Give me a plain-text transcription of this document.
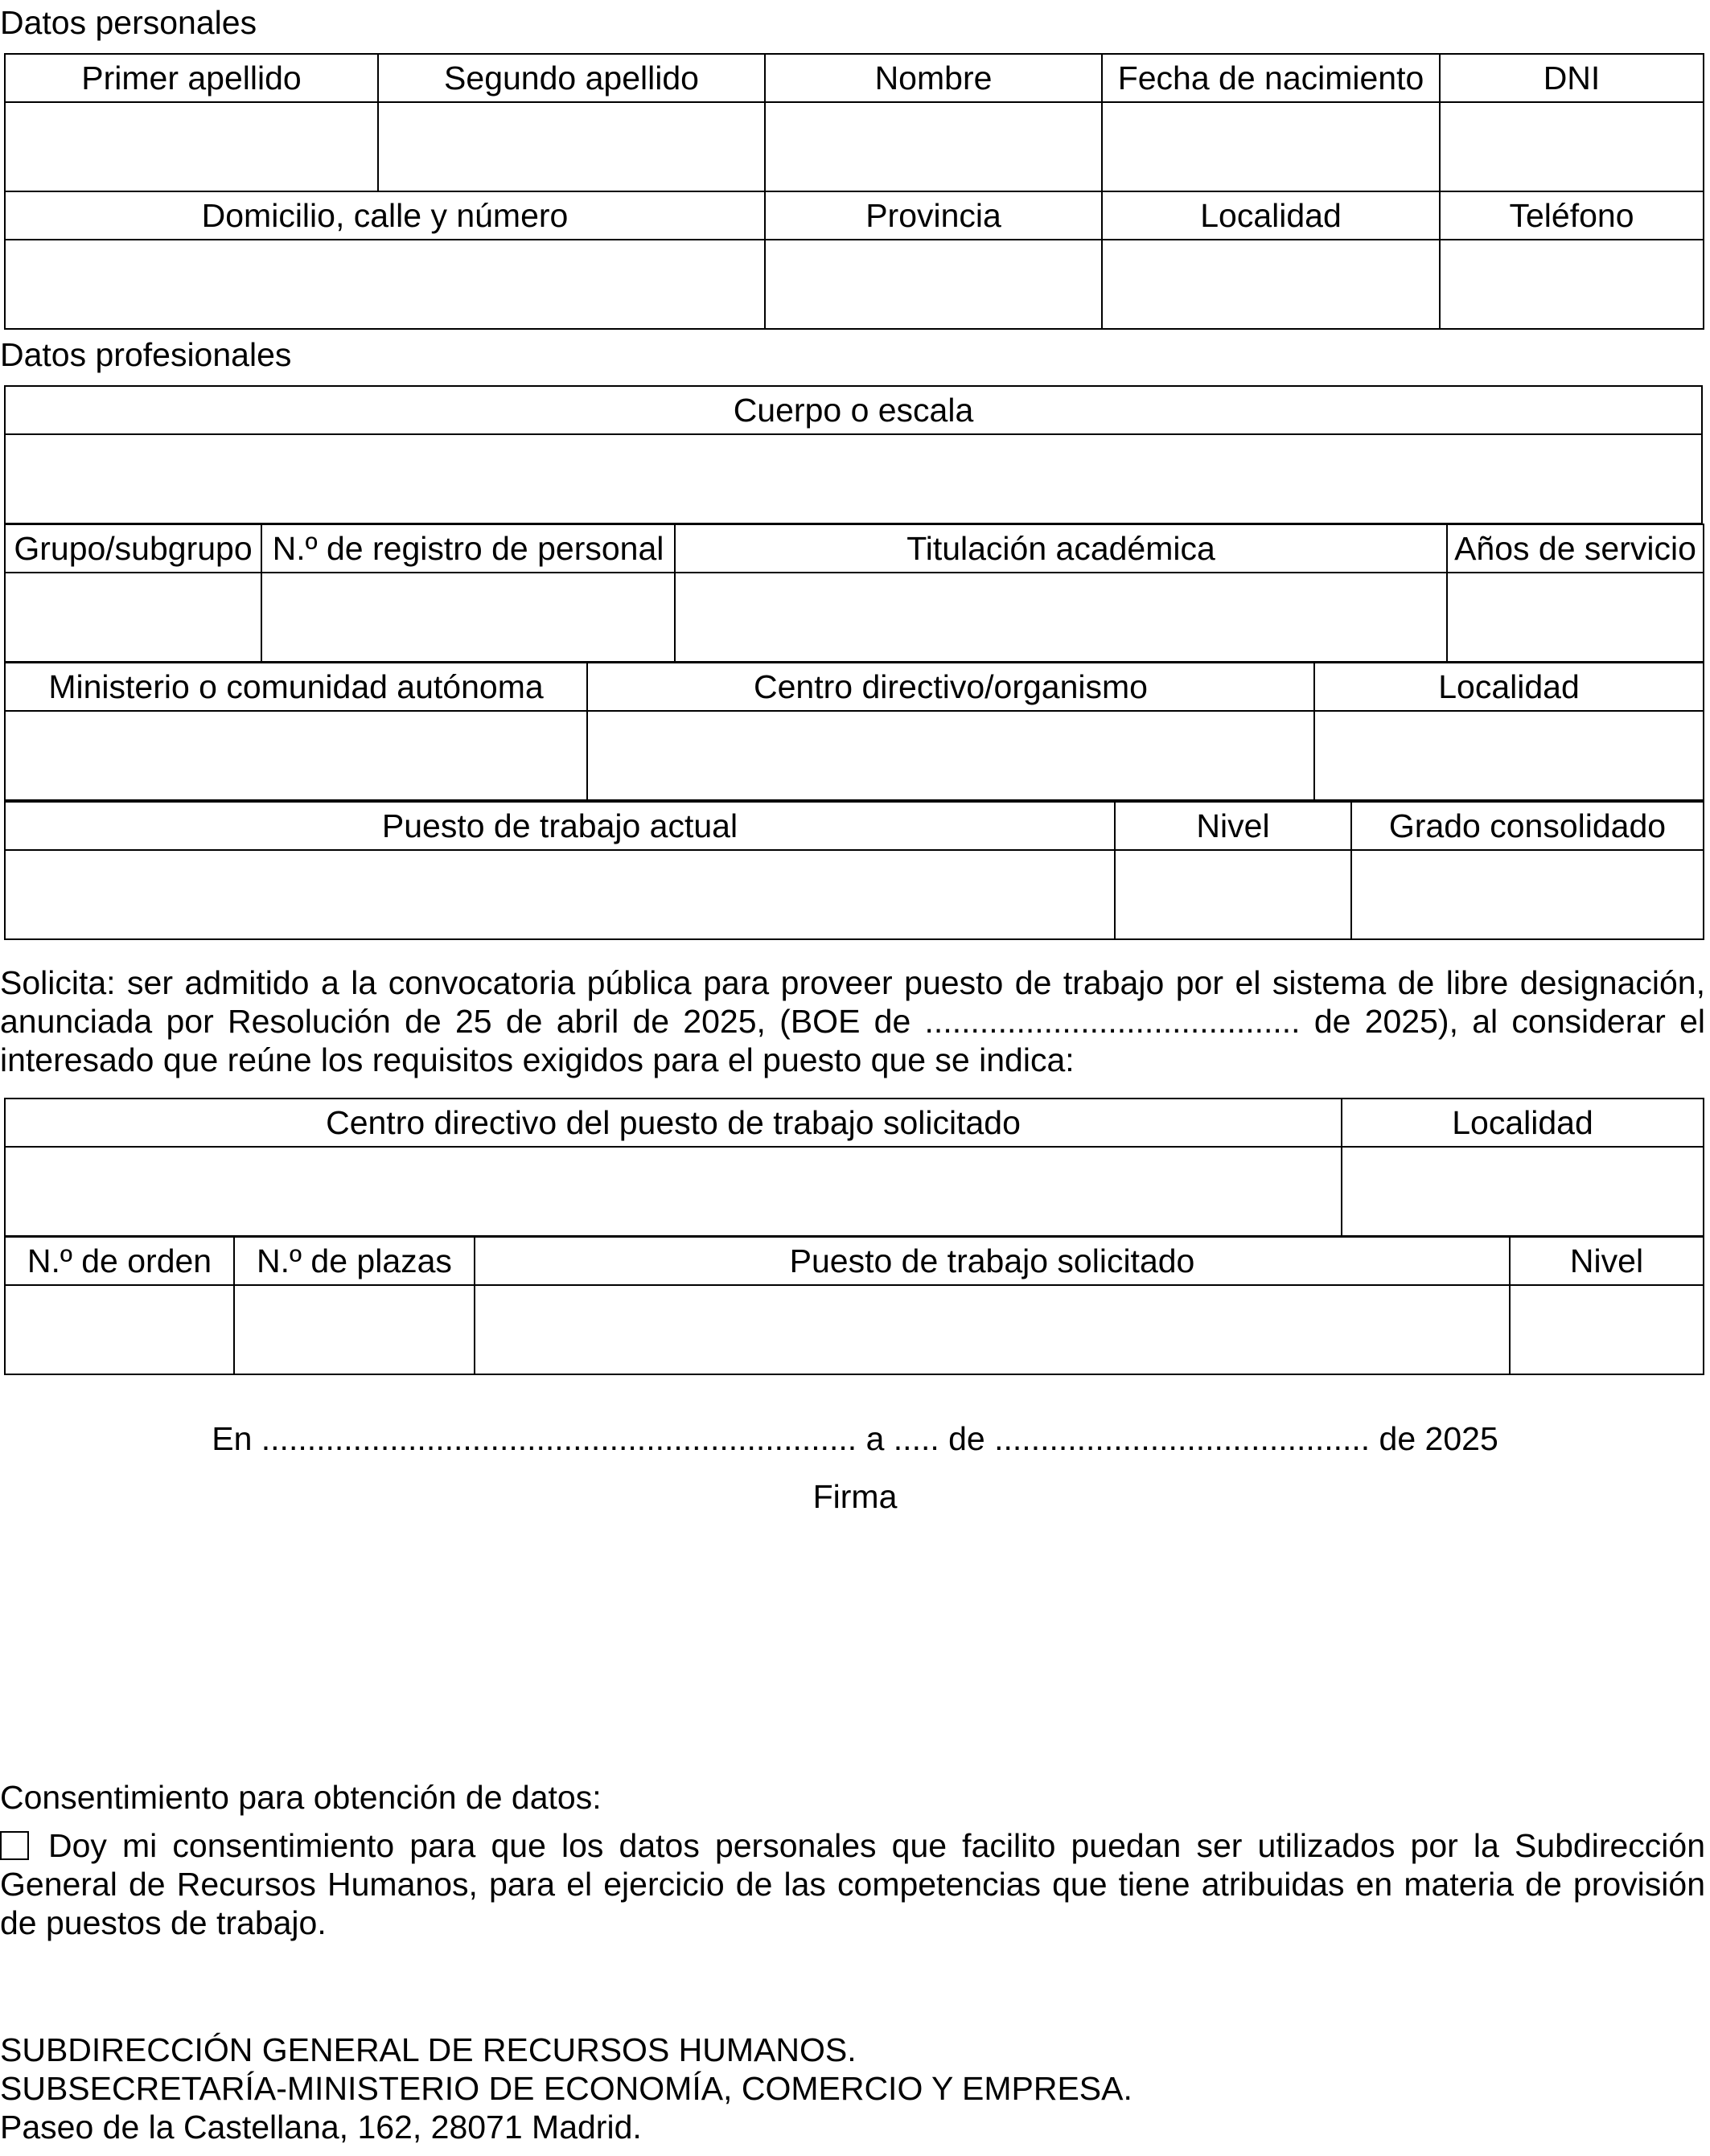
Datos personales
Primer apellido	Segundo apellido	Nombre	Fecha de nacimiento	DNI

Domicilio, calle y número		Provincia	Localidad	Teléfono

Datos profesionales
Cuerpo o escala

Grupo/subgrupo	N.º de registro de personal	Titulación académica	Años de servicio

Ministerio o comunidad autónoma	Centro directivo/organismo	Localidad

Puesto de trabajo actual	Nivel	Grado consolidado

Solicita: ser admitido a la convocatoria pública para proveer puesto de trabajo por el sistema de libre designación, anunciada por Resolución de 25 de abril de 2025, (BOE de ......................................... de 2025), al considerar el interesado que reúne los requisitos exigidos para el puesto que se indica:
Centro directivo del puesto de trabajo solicitado	Localidad

N.º de orden	N.º de plazas	Puesto de trabajo solicitado	Nivel

En ................................................................. a ..... de ......................................... de 2025
Firma
Consentimiento para obtención de datos:
Doy mi consentimiento para que los datos personales que facilito puedan ser utilizados por la Subdirección General de Recursos Humanos, para el ejercicio de las competencias que tiene atribuidas en materia de provisión de puestos de trabajo.
SUBDIRECCIÓN GENERAL DE RECURSOS HUMANOS.
SUBSECRETARÍA-MINISTERIO DE ECONOMÍA, COMERCIO Y EMPRESA.
Paseo de la Castellana, 162, 28071 Madrid.
